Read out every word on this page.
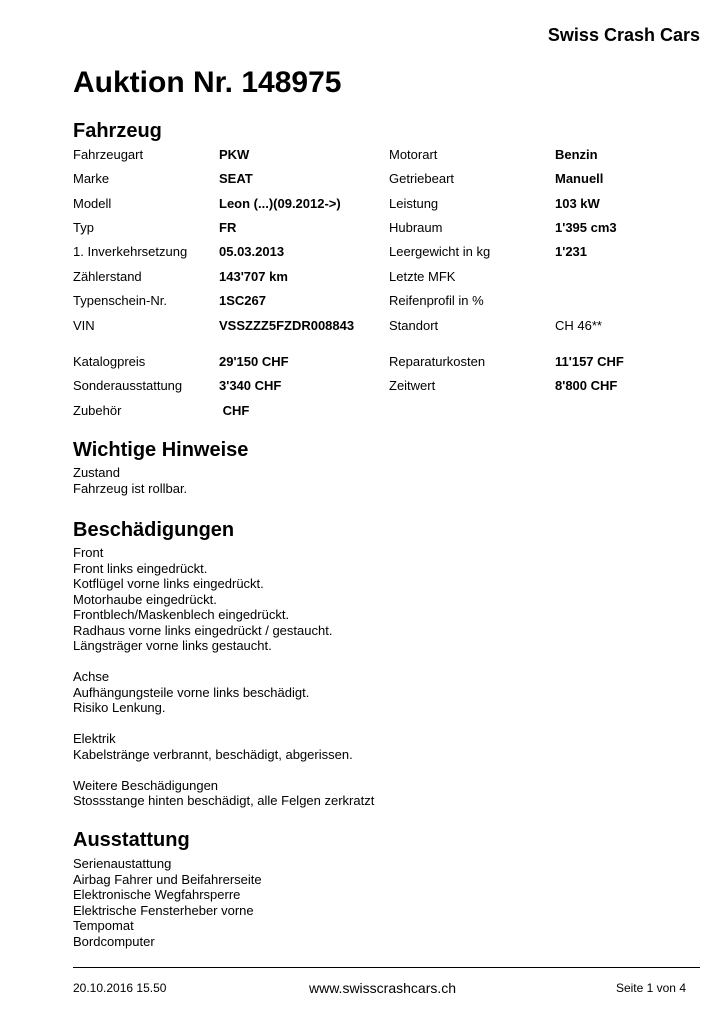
Swiss Crash Cars
Auktion Nr. 148975
Fahrzeug
Fahrzeugart	PKW	Motorart	Benzin
Marke	SEAT	Getriebeart	Manuell
Modell	Leon (...)(09.2012->)	Leistung	103 kW
Typ	FR	Hubraum	1'395 cm3
1. Inverkehrsetzung 05.03.2013	Leergewicht in kg	1'231
Zählerstand	143'707 km	Letzte MFK
Typenschein-Nr.	1SC267	Reifenprofil in %
VIN	VSSZZZ5FZDR008843	Standort	CH 46**
Katalogpreis	29'150 CHF	Reparaturkosten	11'157 CHF
Sonderausstattung	3'340 CHF	Zeitwert	8'800 CHF
Zubehör	CHF
Wichtige Hinweise
Zustand
Fahrzeug ist rollbar.
Beschädigungen
Front
Front links eingedrückt.
Kotflügel vorne links eingedrückt.
Motorhaube eingedrückt.
Frontblech/Maskenblech eingedrückt.
Radhaus vorne links eingedrückt / gestaucht.
Längsträger vorne links gestaucht.
Achse
Aufhängungsteile vorne links beschädigt.
Risiko Lenkung.
Elektrik
Kabelstränge verbrannt, beschädigt, abgerissen.
Weitere Beschädigungen
Stossstange hinten beschädigt, alle Felgen zerkratzt
Ausstattung
Serienaustattung
Airbag Fahrer und Beifahrerseite
Elektronische Wegfahrsperre
Elektrische Fensterheber vorne
Tempomat
Bordcomputer
20.10.2016 15.50	www.swisscrashcars.ch	Seite 1 von 4
